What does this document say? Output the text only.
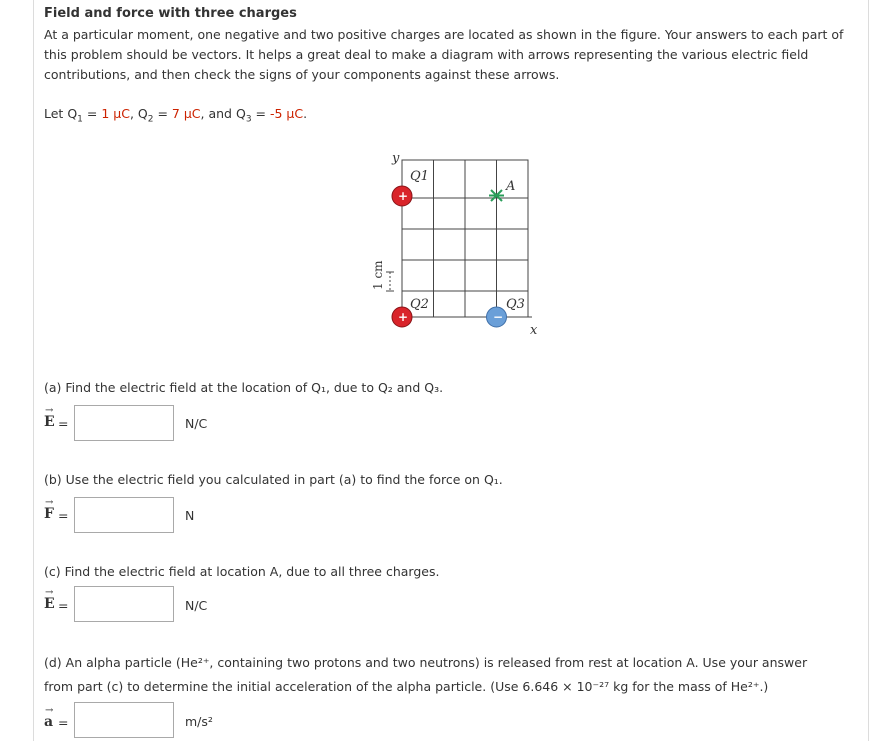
Field and force with three charges
At a particular moment, one negative and two positive charges are located as shown in the figure. Your answers to each part of this problem should be vectors. It helps a great deal to make a diagram with arrows representing the various electric field contributions, and then check the signs of your components against these arrows.
Let $Q_1 = 1$ μC, $Q_2 = 7$ μC, and $Q_3 = -5$ μC.
y
x
1 cm
Q1
+
A
Q2
+
Q3
−
(a) Find the electric field at the location of Q₁, due to Q₂ and Q₃.
→
E =	N/C
(b) Use the electric field you calculated in part (a) to find the force on Q₁.
→
F =	N
(c) Find the electric field at location A, due to all three charges.
→
E =	N/C
(d) An alpha particle (He²⁺, containing two protons and two neutrons) is released from rest at location A. Use your answer
from part (c) to determine the initial acceleration of the alpha particle. (Use 6.646 × 10⁻²⁷ kg for the mass of He²⁺.)
→
a =	m/s²
